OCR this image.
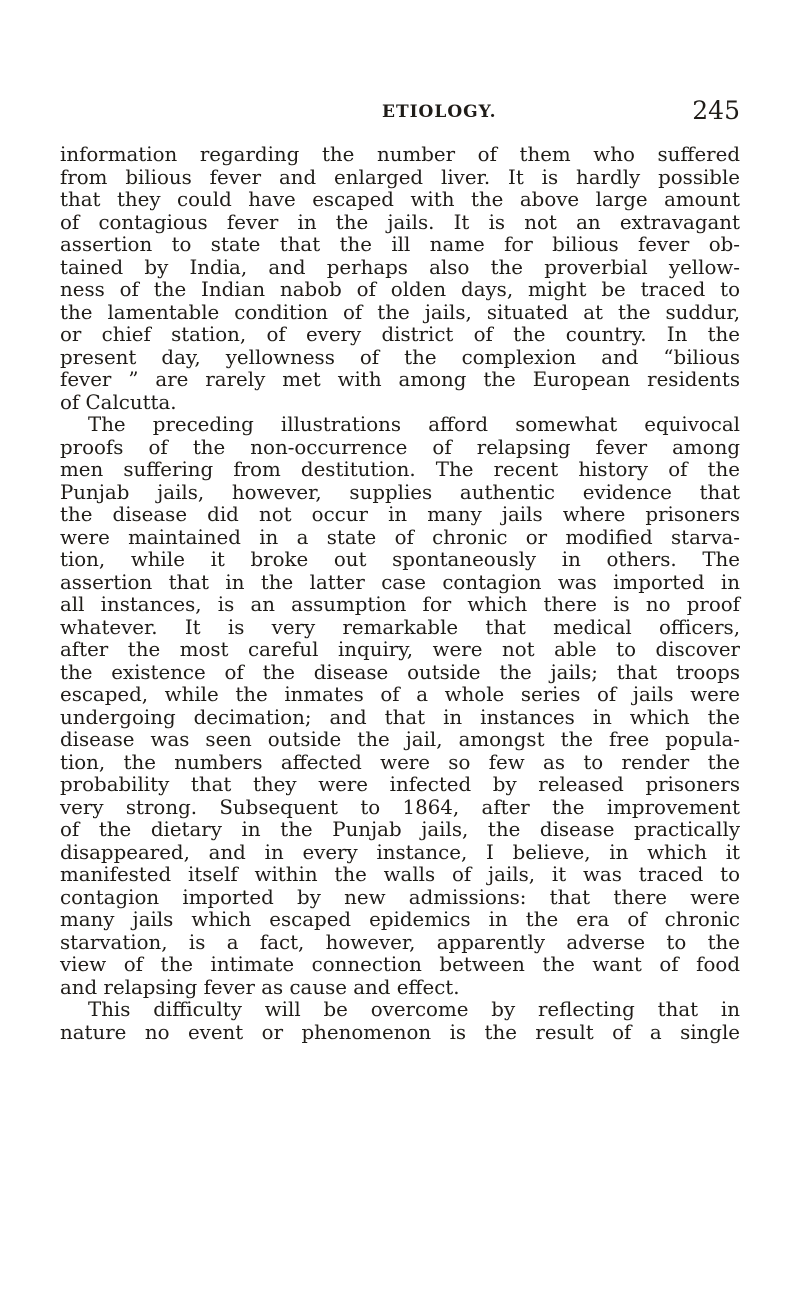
ETIOLOGY.	245
information regarding the number of them who suffered
from bilious fever and enlarged liver. It is hardly possible
that they could have escaped with the above large amount
of contagious fever in the jails. It is not an extravagant
assertion to state that the ill name for bilious fever ob-
tained by India, and perhaps also the proverbial yellow-
ness of the Indian nabob of olden days, might be traced to
the lamentable condition of the jails, situated at the suddur,
or chief station, of every district of the country. In the
present day, yellowness of the complexion and “bilious
fever ” are rarely met with among the European residents
of Calcutta.
The preceding illustrations afford somewhat equivocal
proofs of the non-occurrence of relapsing fever among
men suffering from destitution. The recent history of the
Punjab jails, however, supplies authentic evidence that
the disease did not occur in many jails where prisoners
were maintained in a state of chronic or modified starva-
tion, while it broke out spontaneously in others. The
assertion that in the latter case contagion was imported in
all instances, is an assumption for which there is no proof
whatever. It is very remarkable that medical officers,
after the most careful inquiry, were not able to discover
the existence of the disease outside the jails; that troops
escaped, while the inmates of a whole series of jails were
undergoing decimation; and that in instances in which the
disease was seen outside the jail, amongst the free popula-
tion, the numbers affected were so few as to render the
probability that they were infected by released prisoners
very strong. Subsequent to 1864, after the improvement
of the dietary in the Punjab jails, the disease practically
disappeared, and in every instance, I believe, in which it
manifested itself within the walls of jails, it was traced to
contagion imported by new admissions: that there were
many jails which escaped epidemics in the era of chronic
starvation, is a fact, however, apparently adverse to the
view of the intimate connection between the want of food
and relapsing fever as cause and effect.
This difficulty will be overcome by reflecting that in
nature no event or phenomenon is the result of a single
